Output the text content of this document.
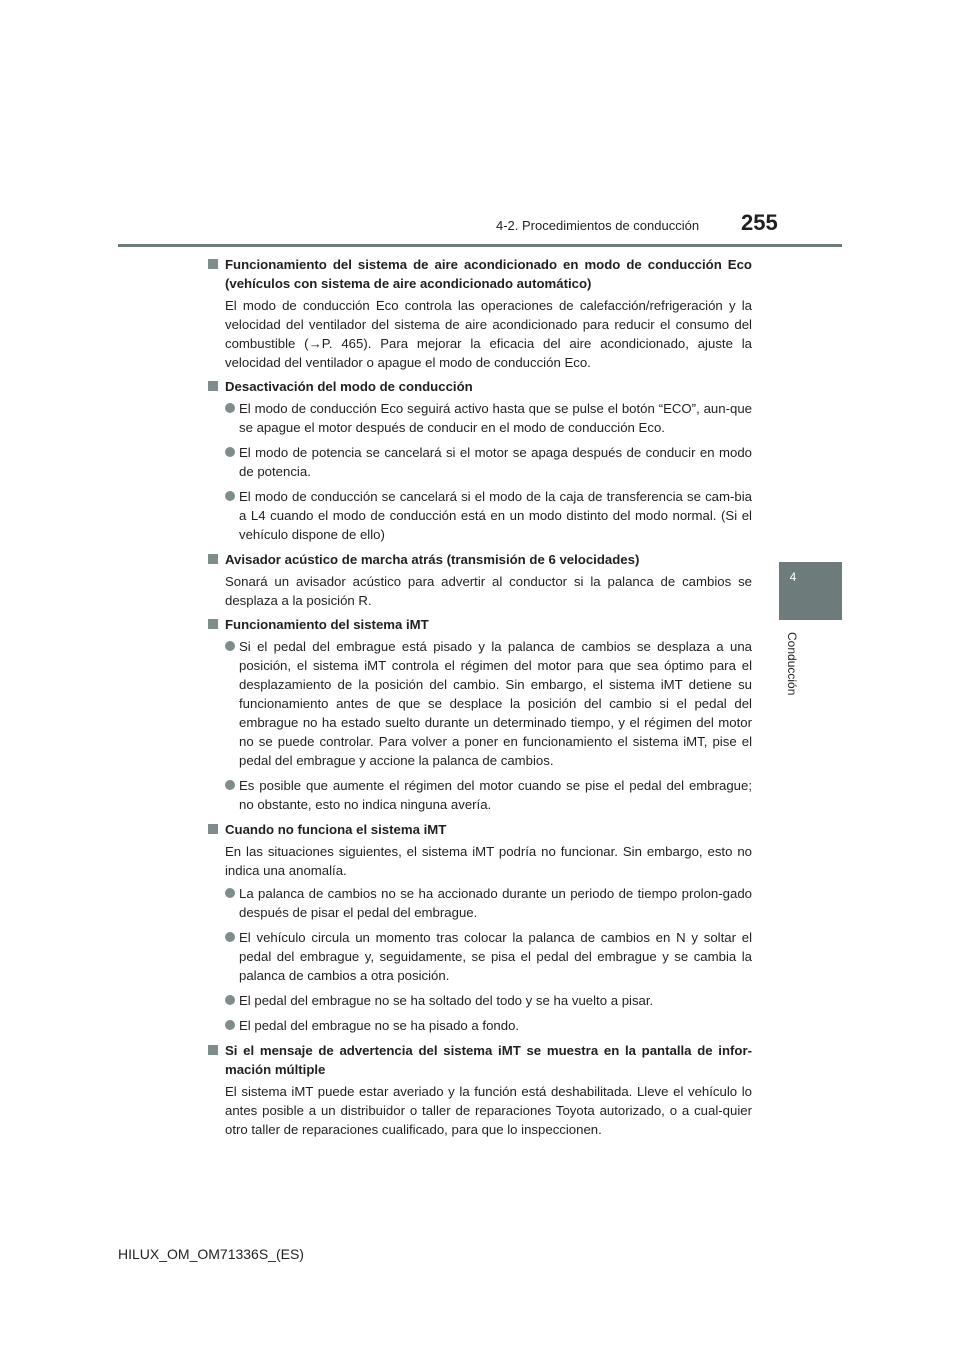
4-2. Procedimientos de conducción 255
4
Conducción
Funcionamiento del sistema de aire acondicionado en modo de conducción Eco (vehículos con sistema de aire acondicionado automático)
El modo de conducción Eco controla las operaciones de calefacción/refrigeración y la velocidad del ventilador del sistema de aire acondicionado para reducir el consumo del combustible (→P. 465). Para mejorar la eficacia del aire acondicionado, ajuste la velocidad del ventilador o apague el modo de conducción Eco.
Desactivación del modo de conducción
El modo de conducción Eco seguirá activo hasta que se pulse el botón “ECO”, aun-que se apague el motor después de conducir en el modo de conducción Eco.
El modo de potencia se cancelará si el motor se apaga después de conducir en modo de potencia.
El modo de conducción se cancelará si el modo de la caja de transferencia se cam-bia a L4 cuando el modo de conducción está en un modo distinto del modo normal. (Si el vehículo dispone de ello)
Avisador acústico de marcha atrás (transmisión de 6 velocidades)
Sonará un avisador acústico para advertir al conductor si la palanca de cambios se desplaza a la posición R.
Funcionamiento del sistema iMT
Si el pedal del embrague está pisado y la palanca de cambios se desplaza a una posición, el sistema iMT controla el régimen del motor para que sea óptimo para el desplazamiento de la posición del cambio. Sin embargo, el sistema iMT detiene su funcionamiento antes de que se desplace la posición del cambio si el pedal del embrague no ha estado suelto durante un determinado tiempo, y el régimen del motor no se puede controlar. Para volver a poner en funcionamiento el sistema iMT, pise el pedal del embrague y accione la palanca de cambios.
Es posible que aumente el régimen del motor cuando se pise el pedal del embrague; no obstante, esto no indica ninguna avería.
Cuando no funciona el sistema iMT
En las situaciones siguientes, el sistema iMT podría no funcionar. Sin embargo, esto no indica una anomalía.
La palanca de cambios no se ha accionado durante un periodo de tiempo prolon-gado después de pisar el pedal del embrague.
El vehículo circula un momento tras colocar la palanca de cambios en N y soltar el pedal del embrague y, seguidamente, se pisa el pedal del embrague y se cambia la palanca de cambios a otra posición.
El pedal del embrague no se ha soltado del todo y se ha vuelto a pisar.
El pedal del embrague no se ha pisado a fondo.
Si el mensaje de advertencia del sistema iMT se muestra en la pantalla de infor-mación múltiple
El sistema iMT puede estar averiado y la función está deshabilitada. Lleve el vehículo lo antes posible a un distribuidor o taller de reparaciones Toyota autorizado, o a cual-quier otro taller de reparaciones cualificado, para que lo inspeccionen.
HILUX_OM_OM71336S_(ES)
